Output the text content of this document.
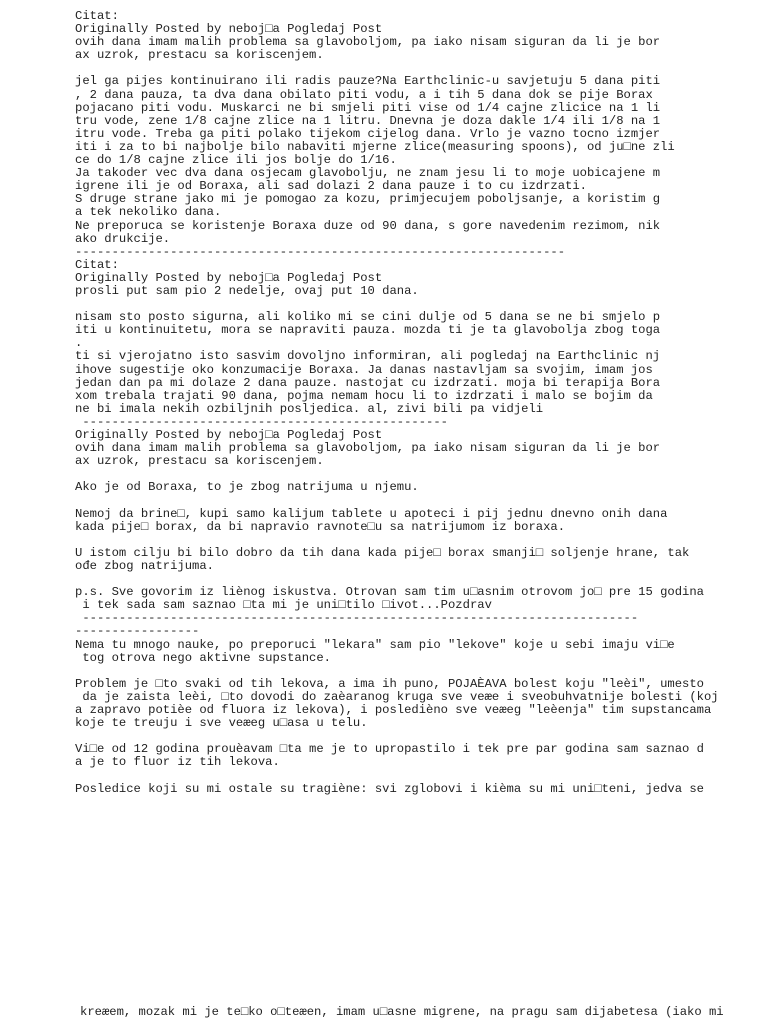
Citat:
Originally Posted by neboj□a Pogledaj Post
ovih dana imam malih problema sa glavoboljom, pa iako nisam siguran da li je bor
ax uzrok, prestacu sa koriscenjem.
jel ga pijes kontinuirano ili radis pauze?Na Earthclinic-u savjetuju 5 dana piti
, 2 dana pauza, ta dva dana obilato piti vodu, a i tih 5 dana dok se pije Borax
pojacano piti vodu. Muskarci ne bi smjeli piti vise od 1/4 cajne zlicice na 1 li
tru vode, zene 1/8 cajne zlice na 1 litru. Dnevna je doza dakle 1/4 ili 1/8 na 1
itru vode. Treba ga piti polako tijekom cijelog dana. Vrlo je vazno tocno izmjer
iti i za to bi najbolje bilo nabaviti mjerne zlice(measuring spoons), od ju□ne zli
ce do 1/8 cajne zlice ili jos bolje do 1/16.
Ja takoder vec dva dana osjecam glavobolju, ne znam jesu li to moje uobicajene m
igrene ili je od Boraxa, ali sad dolazi 2 dana pauze i to cu izdrzati.
S druge strane jako mi je pomogao za kozu, primjecujem poboljsanje, a koristim g
a tek nekoliko dana.
Ne preporuca se koristenje Boraxa duze od 90 dana, s gore navedenim rezimom, nik
ako drukcije.
-------------------------------------------------------------------
Citat:
Originally Posted by neboj□a Pogledaj Post
prosli put sam pio 2 nedelje, ovaj put 10 dana.
nisam sto posto sigurna, ali koliko mi se cini dulje od 5 dana se ne bi smjelo p
iti u kontinuitetu, mora se napraviti pauza. mozda ti je ta glavobolja zbog toga
.
ti si vjerojatno isto sasvim dovoljno informiran, ali pogledaj na Earthclinic nj
ihove sugestije oko konzumacije Boraxa. Ja danas nastavljam sa svojim, imam jos
jedan dan pa mi dolaze 2 dana pauze. nastojat cu izdrzati. moja bi terapija Bora
xom trebala trajati 90 dana, pojma nemam hocu li to izdrzati i malo se bojim da
ne bi imala nekih ozbiljnih posljedica. al, zivi bili pa vidjeli
--------------------------------------------------
Originally Posted by neboj□a Pogledaj Post
ovih dana imam malih problema sa glavoboljom, pa iako nisam siguran da li je bor
ax uzrok, prestacu sa koriscenjem.
Ako je od Boraxa, to je zbog natrijuma u njemu.
Nemoj da brine□, kupi samo kalijum tablete u apoteci i pij jednu dnevno onih dana
kada pije□ borax, da bi napravio ravnote□u sa natrijumom iz boraxa.
U istom cilju bi bilo dobro da tih dana kada pije□ borax smanji□ soljenje hrane, tak
ođe zbog natrijuma.
p.s. Sve govorim iz liènog iskustva. Otrovan sam tim u□asnim otrovom jo□ pre 15 godina
i tek sada sam saznao □ta mi je uni□tilo □ivot...Pozdrav
----------------------------------------------------------------------------
-----------------
Nema tu mnogo nauke, po preporuci "lekara" sam pio "lekove" koje u sebi imaju vi□e
tog otrova nego aktivne supstance.
Problem je □to svaki od tih lekova, a ima ih puno, POJAÈAVA bolest koju "leèi", umesto
da je zaista leèi, □to dovodi do zaèaranog kruga sve veæe i sveobuhvatnije bolesti (koj
a zapravo potièe od fluora iz lekova), i posledièno sve veæeg "leèenja" tim supstancama
koje te treuju i sve veæeg u□asa u telu.
Vi□e od 12 godina prouèavam □ta me je to upropastilo i tek pre par godina sam saznao d
a je to fluor iz tih lekova.
Posledice koji su mi ostale su tragiène: svi zglobovi i kièma su mi uni□teni, jedva se
kreæem, mozak mi je te□ko o□teæen, imam u□asne migrene, na pragu sam dijabetesa (iako mi
